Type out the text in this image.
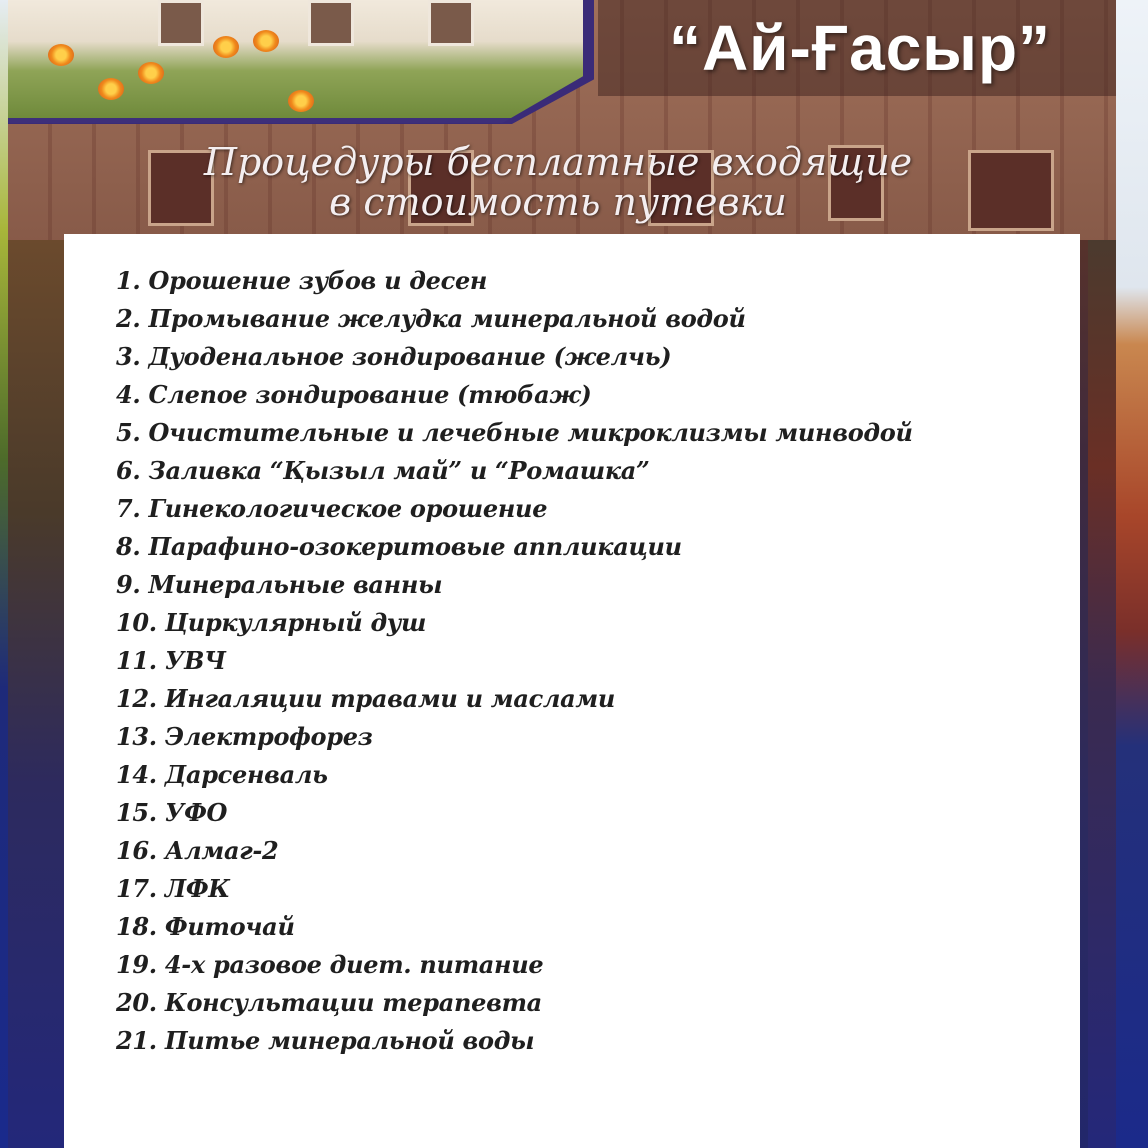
“Ай-Ғасыр”
Процедуры бесплатные входящие
в стоимость путевки
1. Орошение зубов и десен
2. Промывание желудка минеральной водой
3. Дуоденальное зондирование (желчь)
4. Слепое зондирование (тюбаж)
5. Очистительные и лечебные микроклизмы минводой
6. Заливка “Қызыл май” и “Ромашка”
7. Гинекологическое орошение
8. Парафино-озокеритовые аппликации
9. Минеральные ванны
10. Циркулярный душ
11. УВЧ
12. Ингаляции травами и маслами
13. Электрофорез
14. Дарсенваль
15. УФО
16. Алмаг-2
17. ЛФК
18. Фиточай
19. 4-х разовое диет. питание
20. Консультации терапевта
21. Питье минеральной воды
